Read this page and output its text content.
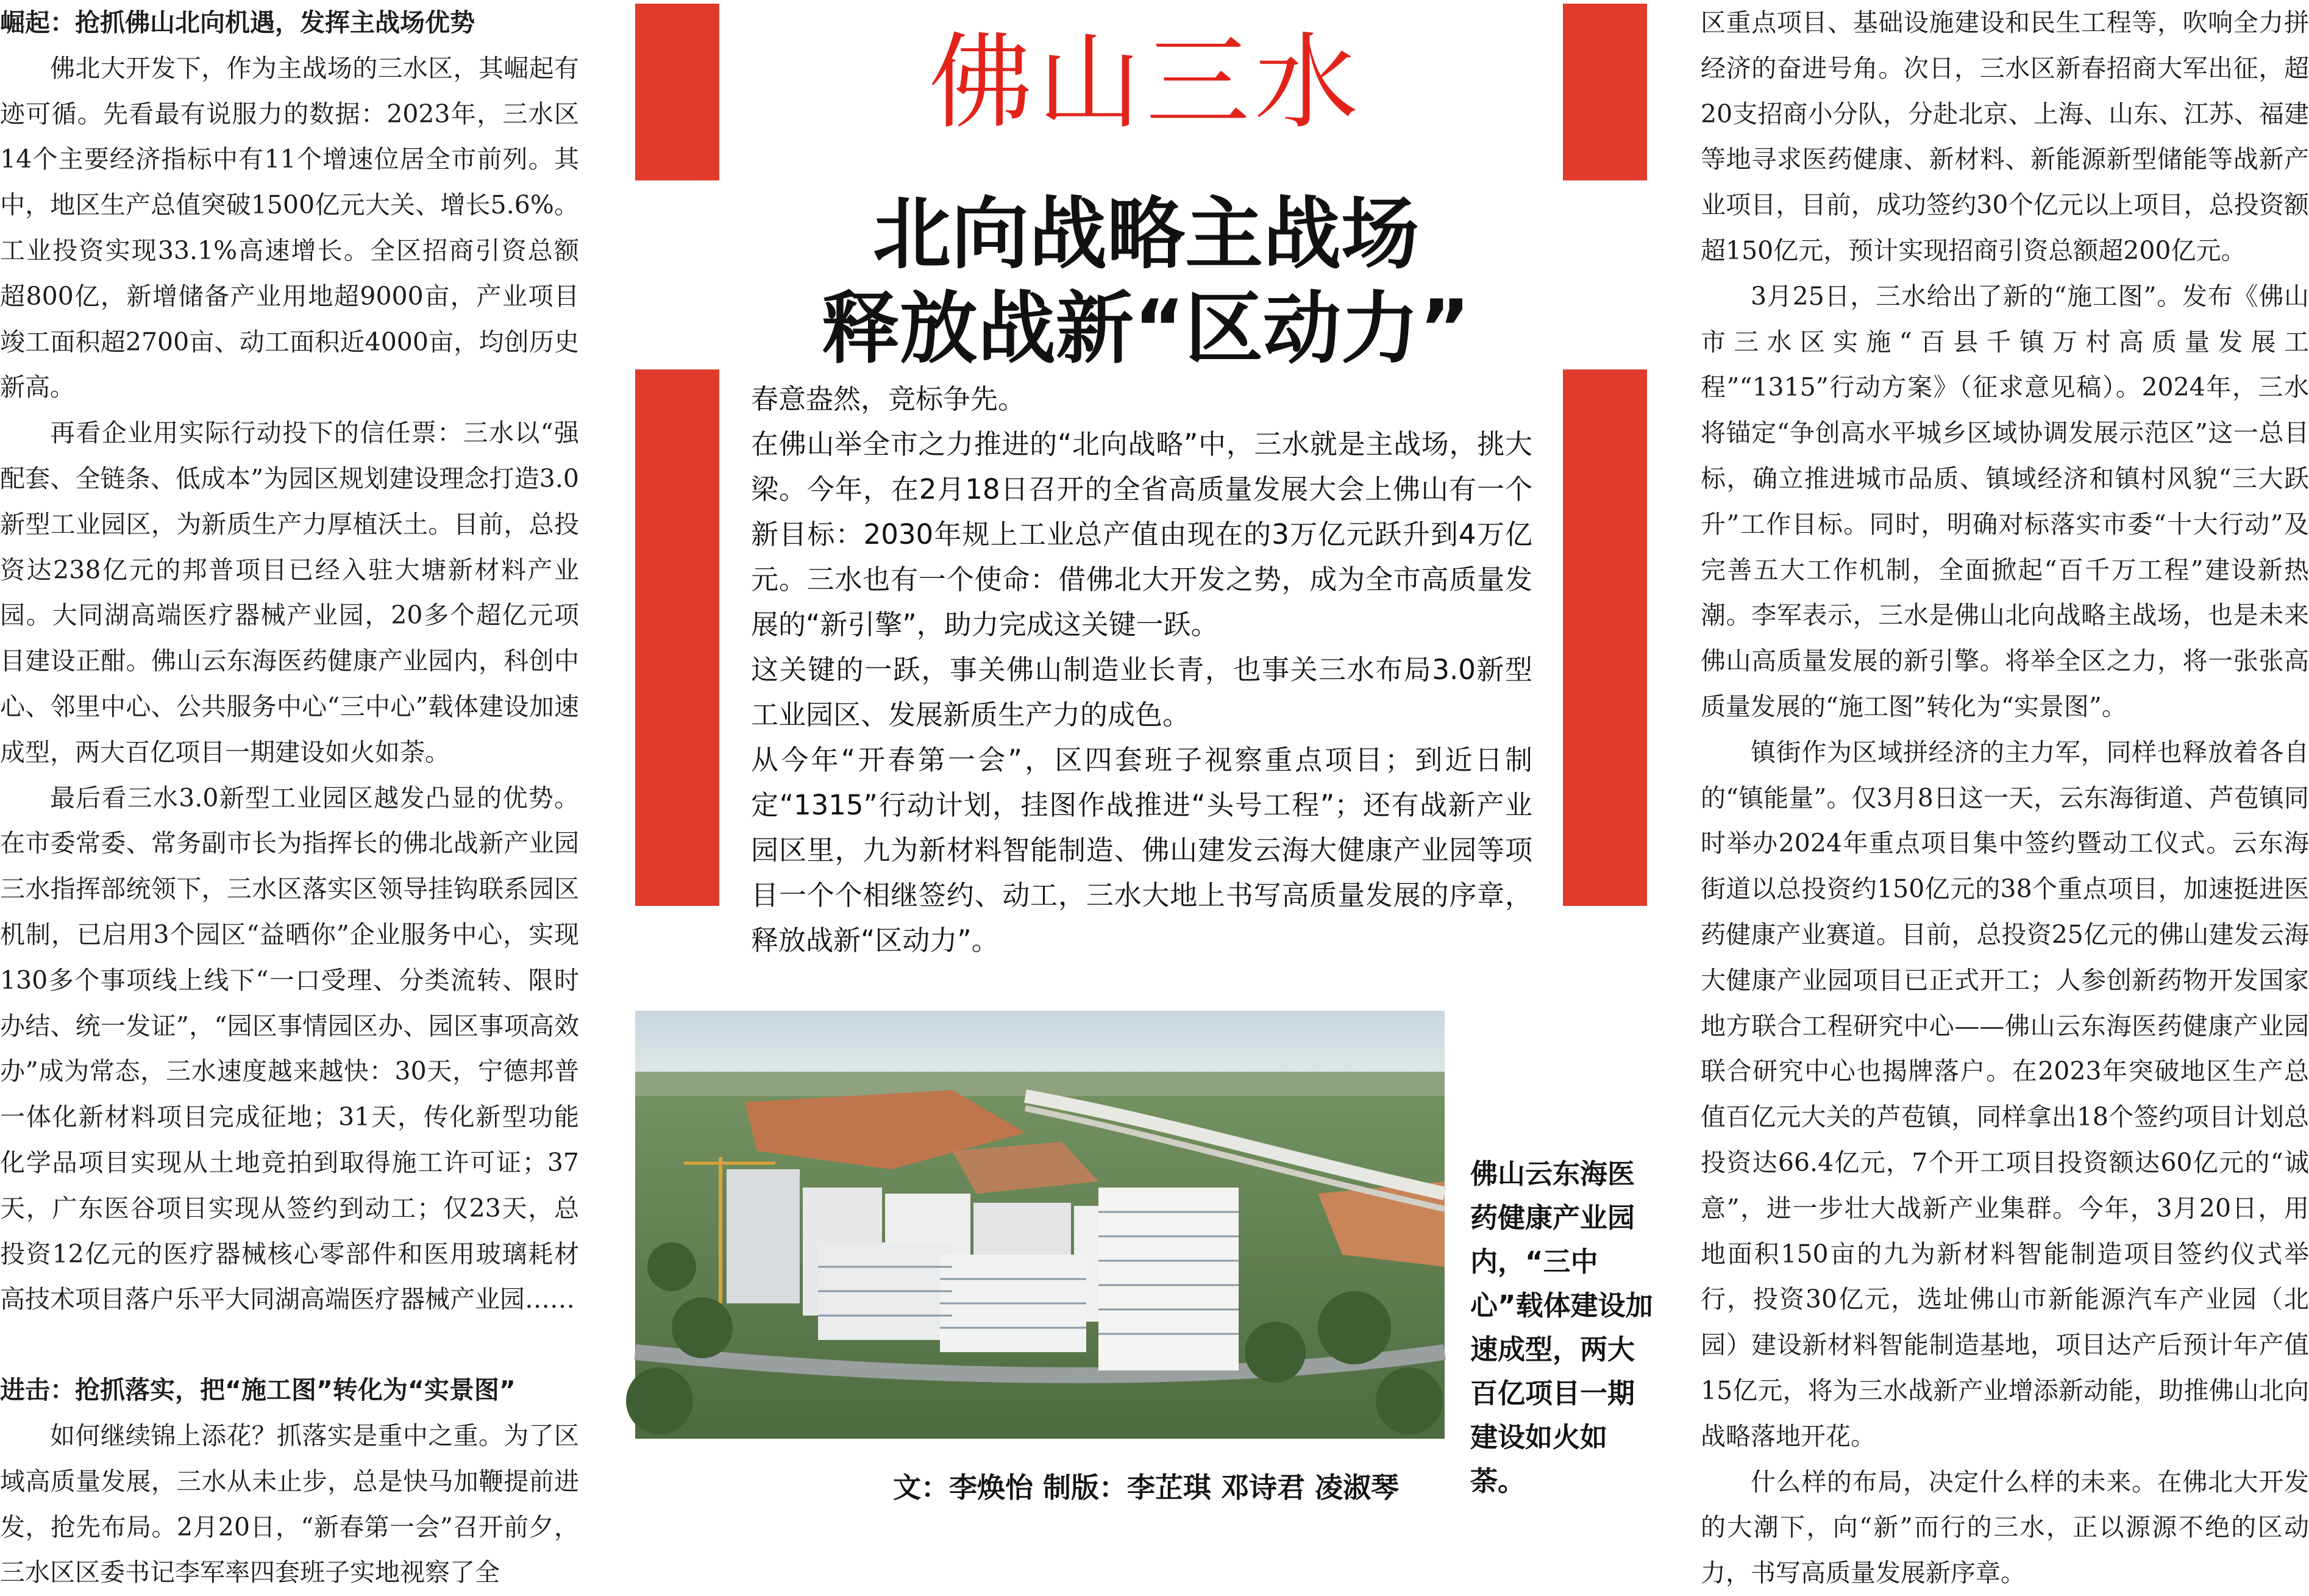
崛起：抢抓佛山北向机遇，发挥主战场优势

佛北大开发下，作为主战场的三水区，其崛起有迹可循。先看最有说服力的数据：2023年，三水区14个主要经济指标中有11个增速位居全市前列。其中，地区生产总值突破1500亿元大关、增长5.6%。工业投资实现33.1%高速增长。全区招商引资总额超800亿，新增储备产业用地超9000亩，产业项目竣工面积超2700亩、动工面积近4000亩，均创历史新高。

再看企业用实际行动投下的信任票：三水以“强配套、全链条、低成本”为园区规划建设理念打造3.0新型工业园区，为新质生产力厚植沃土。目前，总投资达238亿元的邦普项目已经入驻大塘新材料产业园。大同湖高端医疗器械产业园，20多个超亿元项目建设正酣。佛山云东海医药健康产业园内，科创中心、邻里中心、公共服务中心“三中心”载体建设加速成型，两大百亿项目一期建设如火如荼。

最后看三水3.0新型工业园区越发凸显的优势。在市委常委、常务副市长为指挥长的佛北战新产业园三水指挥部统领下，三水区落实区领导挂钩联系园区机制，已启用3个园区“益晒你”企业服务中心，实现130多个事项线上线下“一口受理、分类流转、限时办结、统一发证”，“园区事情园区办、园区事项高效办”成为常态，三水速度越来越快：30天，宁德邦普一体化新材料项目完成征地；31天，传化新型功能化学品项目实现从土地竞拍到取得施工许可证；37天，广东医谷项目实现从签约到动工；仅23天，总投资12亿元的医疗器械核心零部件和医用玻璃耗材高技术项目落户乐平大同湖高端医疗器械产业园……

进击：抢抓落实，把“施工图”转化为“实景图”

如何继续锦上添花？抓落实是重中之重。为了区域高质量发展，三水从未止步，总是快马加鞭提前进发，抢先布局。2月20日，“新春第一会”召开前夕，三水区区委书记李军率四套班子实地视察了全

佛山三水
北向战略主战场
释放战新“区动力”

春意盎然，竞标争先。

在佛山举全市之力推进的“北向战略”中，三水就是主战场，挑大梁。今年，在2月18日召开的全省高质量发展大会上佛山有一个新目标：2030年规上工业总产值由现在的3万亿元跃升到4万亿元。三水也有一个使命：借佛北大开发之势，成为全市高质量发展的“新引擎”，助力完成这关键一跃。

这关键的一跃，事关佛山制造业长青，也事关三水布局3.0新型工业园区、发展新质生产力的成色。

从今年“开春第一会”，区四套班子视察重点项目；到近日制定“1315”行动计划，挂图作战推进“头号工程”；还有战新产业园区里，九为新材料智能制造、佛山建发云海大健康产业园等项目一个个相继签约、动工，三水大地上书写高质量发展的序章，释放战新“区动力”。

佛山云东海医药健康产业园内，“三中心”载体建设加速成型，两大百亿项目一期建设如火如荼。
文：李焕怡 制版：李芷琪 邓诗君 凌淑琴

区重点项目、基础设施建设和民生工程等，吹响全力拼经济的奋进号角。次日，三水区新春招商大军出征，超20支招商小分队，分赴北京、上海、山东、江苏、福建等地寻求医药健康、新材料、新能源新型储能等战新产业项目，目前，成功签约30个亿元以上项目，总投资额超150亿元，预计实现招商引资总额超200亿元。

3月25日，三水给出了新的“施工图”。发布《佛山市三水区实施“百县千镇万村高质量发展工程”“1315”行动方案》（征求意见稿）。2024年，三水将锚定“争创高水平城乡区域协调发展示范区”这一总目标，确立推进城市品质、镇域经济和镇村风貌“三大跃升”工作目标。同时，明确对标落实市委“十大行动”及完善五大工作机制，全面掀起“百千万工程”建设新热潮。李军表示，三水是佛山北向战略主战场，也是未来佛山高质量发展的新引擎。将举全区之力，将一张张高质量发展的“施工图”转化为“实景图”。

镇街作为区域拼经济的主力军，同样也释放着各自的“镇能量”。仅3月8日这一天，云东海街道、芦苞镇同时举办2024年重点项目集中签约暨动工仪式。云东海街道以总投资约150亿元的38个重点项目，加速挺进医药健康产业赛道。目前，总投资25亿元的佛山建发云海大健康产业园项目已正式开工；人参创新药物开发国家地方联合工程研究中心——佛山云东海医药健康产业园联合研究中心也揭牌落户。在2023年突破地区生产总值百亿元大关的芦苞镇，同样拿出18个签约项目计划总投资达66.4亿元，7个开工项目投资额达60亿元的“诚意”，进一步壮大战新产业集群。今年，3月20日，用地面积150亩的九为新材料智能制造项目签约仪式举行，投资30亿元，选址佛山市新能源汽车产业园（北园）建设新材料智能制造基地，项目达产后预计年产值15亿元，将为三水战新产业增添新动能，助推佛山北向战略落地开花。

什么样的布局，决定什么样的未来。在佛北大开发的大潮下，向“新”而行的三水，正以源源不绝的区动力，书写高质量发展新序章。
